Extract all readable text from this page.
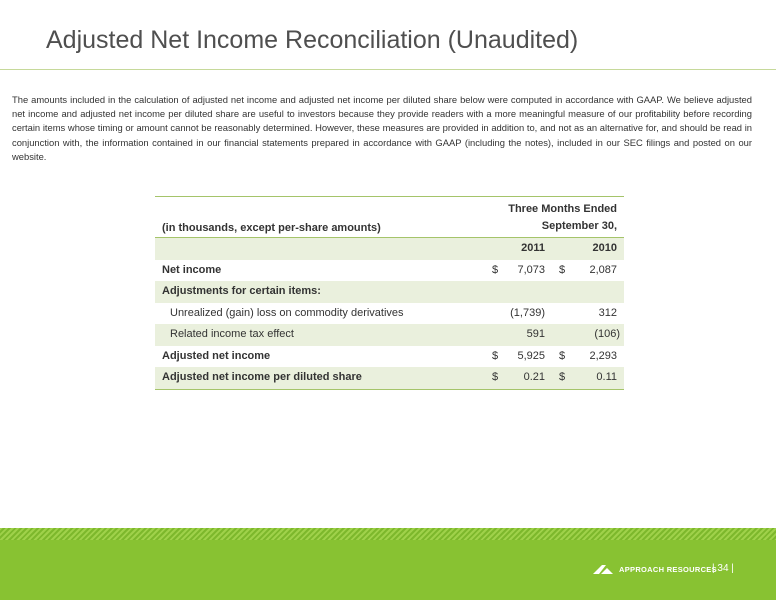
Adjusted Net Income Reconciliation (Unaudited)
The amounts included in the calculation of adjusted net income and adjusted net income per diluted share below were computed in accordance with GAAP. We believe adjusted net income and adjusted net income per diluted share are useful to investors because they provide readers with a more meaningful measure of our profitability before recording certain items whose timing or amount cannot be reasonably determined. However, these measures are provided in addition to, and not as an alternative for, and should be read in conjunction with, the information contained in our financial statements prepared in accordance with GAAP (including the notes), included in our SEC filings and posted on our website.
(in thousands, except per-share amounts)
Three Months Ended
September 30,
2011	2010
Net income	$ 7,073 $ 2,087
Adjustments for certain items:
Unrealized (gain) loss on commodity derivatives	(1,739)	312
Related income tax effect	591	(106)
Adjusted net income	$ 5,925 $ 2,293
Adjusted net income per diluted share	$ 0.21 $	0.11
APPROACH RESOURCES
| 34 |
